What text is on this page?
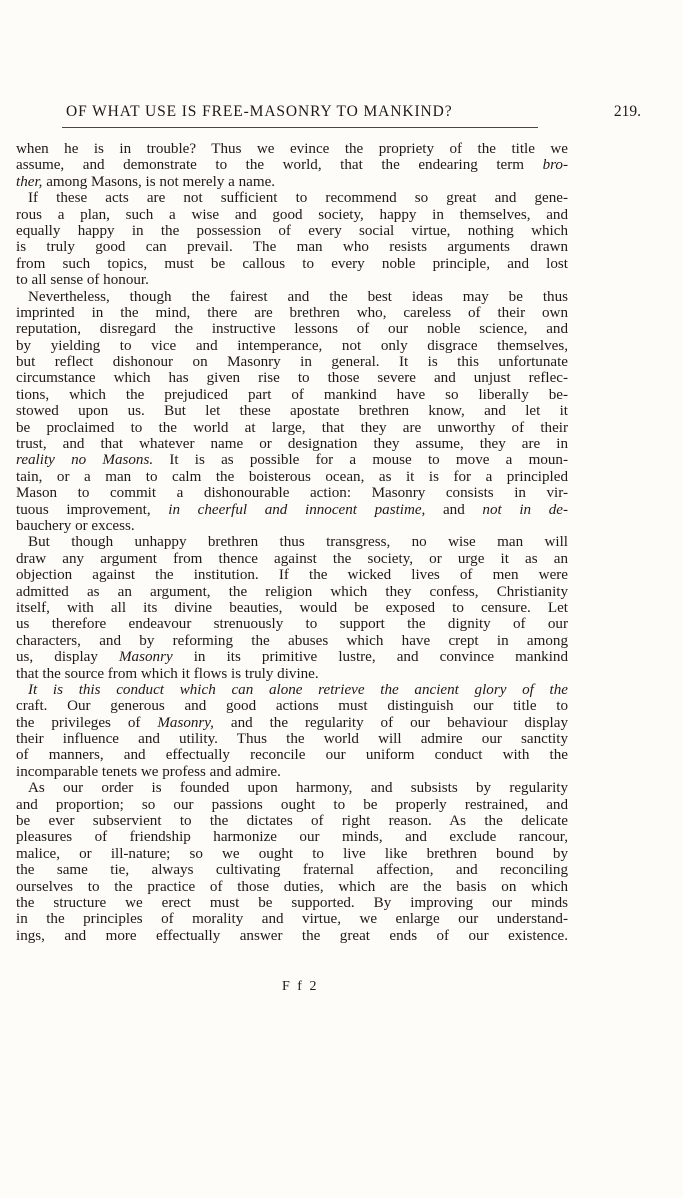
OF WHAT USE IS FREE-MASONRY TO MANKIND?	219.
when he is in trouble? Thus we evince the propriety of the title we
assume, and demonstrate to the world, that the endearing term bro-
ther, among Masons, is not merely a name.
If these acts are not sufficient to recommend so great and gene-
rous a plan, such a wise and good society, happy in themselves, and
equally happy in the possession of every social virtue, nothing which
is truly good can prevail. The man who resists arguments drawn
from such topics, must be callous to every noble principle, and lost
to all sense of honour.
Nevertheless, though the fairest and the best ideas may be thus
imprinted in the mind, there are brethren who, careless of their own
reputation, disregard the instructive lessons of our noble science, and
by yielding to vice and intemperance, not only disgrace themselves,
but reflect dishonour on Masonry in general. It is this unfortunate
circumstance which has given rise to those severe and unjust reflec-
tions, which the prejudiced part of mankind have so liberally be-
stowed upon us. But let these apostate brethren know, and let it
be proclaimed to the world at large, that they are unworthy of their
trust, and that whatever name or designation they assume, they are in
reality no Masons. It is as possible for a mouse to move a moun-
tain, or a man to calm the boisterous ocean, as it is for a principled
Mason to commit a dishonourable action: Masonry consists in vir-
tuous improvement, in cheerful and innocent pastime, and not in de-
bauchery or excess.
But though unhappy brethren thus transgress, no wise man will
draw any argument from thence against the society, or urge it as an
objection against the institution. If the wicked lives of men were
admitted as an argument, the religion which they confess, Christianity
itself, with all its divine beauties, would be exposed to censure. Let
us therefore endeavour strenuously to support the dignity of our
characters, and by reforming the abuses which have crept in among
us, display Masonry in its primitive lustre, and convince mankind
that the source from which it flows is truly divine.
It is this conduct which can alone retrieve the ancient glory of the
craft. Our generous and good actions must distinguish our title to
the privileges of Masonry, and the regularity of our behaviour display
their influence and utility. Thus the world will admire our sanctity
of manners, and effectually reconcile our uniform conduct with the
incomparable tenets we profess and admire.
As our order is founded upon harmony, and subsists by regularity
and proportion; so our passions ought to be properly restrained, and
be ever subservient to the dictates of right reason. As the delicate
pleasures of friendship harmonize our minds, and exclude rancour,
malice, or ill-nature; so we ought to live like brethren bound by
the same tie, always cultivating fraternal affection, and reconciling
ourselves to the practice of those duties, which are the basis on which
the structure we erect must be supported. By improving our minds
in the principles of morality and virtue, we enlarge our understand-
ings, and more effectually answer the great ends of our existence.
F f 2
